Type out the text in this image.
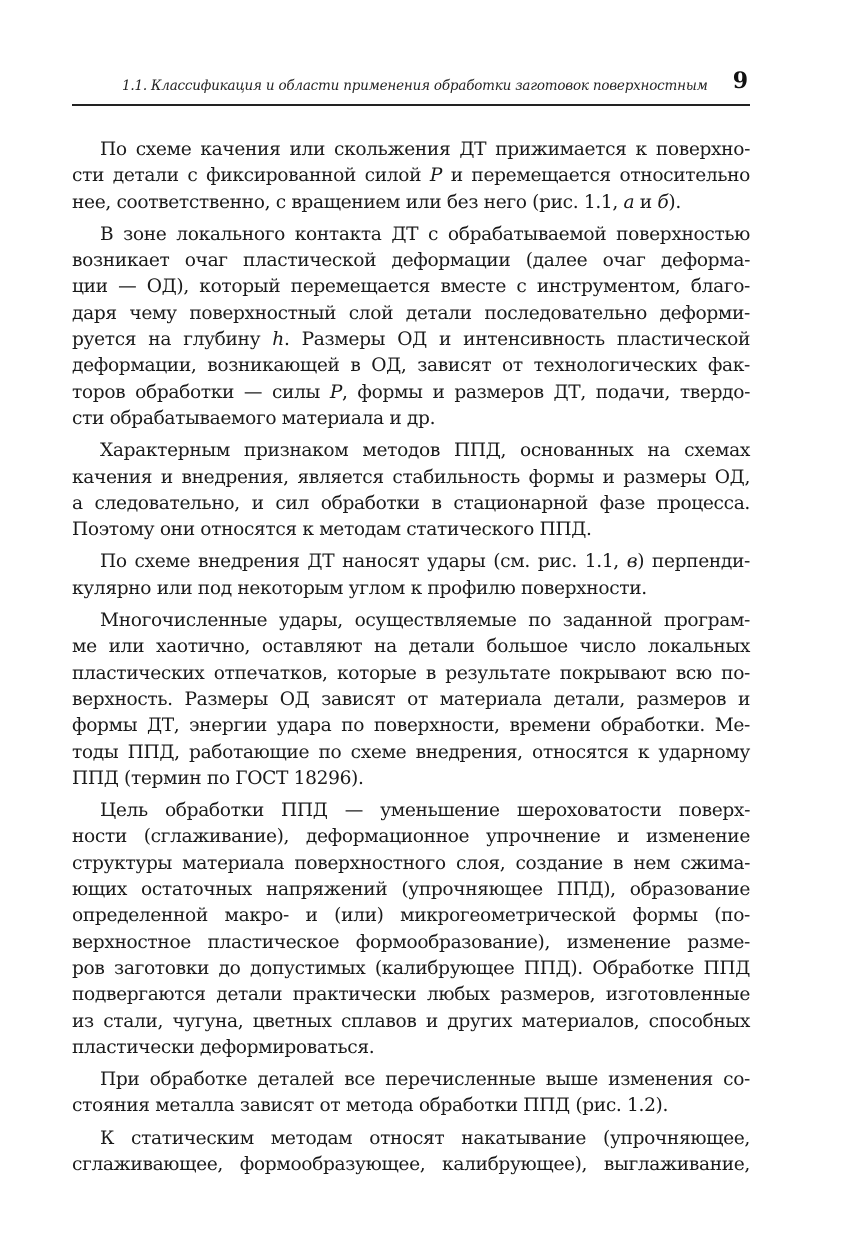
1.1. Классификация и области применения обработки заготовок поверхностным 9

По схеме качения или скольжения ДТ прижимается к поверхно-
сти детали с фиксированной силой P и перемещается относительно
нее, соответственно, с вращением или без него (рис. 1.1, а и б).

В зоне локального контакта ДТ с обрабатываемой поверхностью
возникает очаг пластической деформации (далее очаг деформа-
ции — ОД), который перемещается вместе с инструментом, благо-
даря чему поверхностный слой детали последовательно деформи-
руется на глубину h. Размеры ОД и интенсивность пластической
деформации, возникающей в ОД, зависят от технологических фак-
торов обработки — силы P, формы и размеров ДТ, подачи, твердо-
сти обрабатываемого материала и др.

Характерным признаком методов ППД, основанных на схемах
качения и внедрения, является стабильность формы и размеры ОД,
а следовательно, и сил обработки в стационарной фазе процесса.
Поэтому они относятся к методам статического ППД.

По схеме внедрения ДТ наносят удары (см. рис. 1.1, в) перпенди-
кулярно или под некоторым углом к профилю поверхности.

Многочисленные удары, осуществляемые по заданной програм-
ме или хаотично, оставляют на детали большое число локальных
пластических отпечатков, которые в результате покрывают всю по-
верхность. Размеры ОД зависят от материала детали, размеров и
формы ДТ, энергии удара по поверхности, времени обработки. Ме-
тоды ППД, работающие по схеме внедрения, относятся к ударному
ППД (термин по ГОСТ 18296).

Цель обработки ППД — уменьшение шероховатости поверх-
ности (сглаживание), деформационное упрочнение и изменение
структуры материала поверхностного слоя, создание в нем сжима-
ющих остаточных напряжений (упрочняющее ППД), образование
определенной макро- и (или) микрогеометрической формы (по-
верхностное пластическое формообразование), изменение разме-
ров заготовки до допустимых (калибрующее ППД). Обработке ППД
подвергаются детали практически любых размеров, изготовленные
из стали, чугуна, цветных сплавов и других материалов, способных
пластически деформироваться.

При обработке деталей все перечисленные выше изменения со-
стояния металла зависят от метода обработки ППД (рис. 1.2).

К статическим методам относят накатывание (упрочняющее,
сглаживающее, формообразующее, калибрующее), выглаживание,
